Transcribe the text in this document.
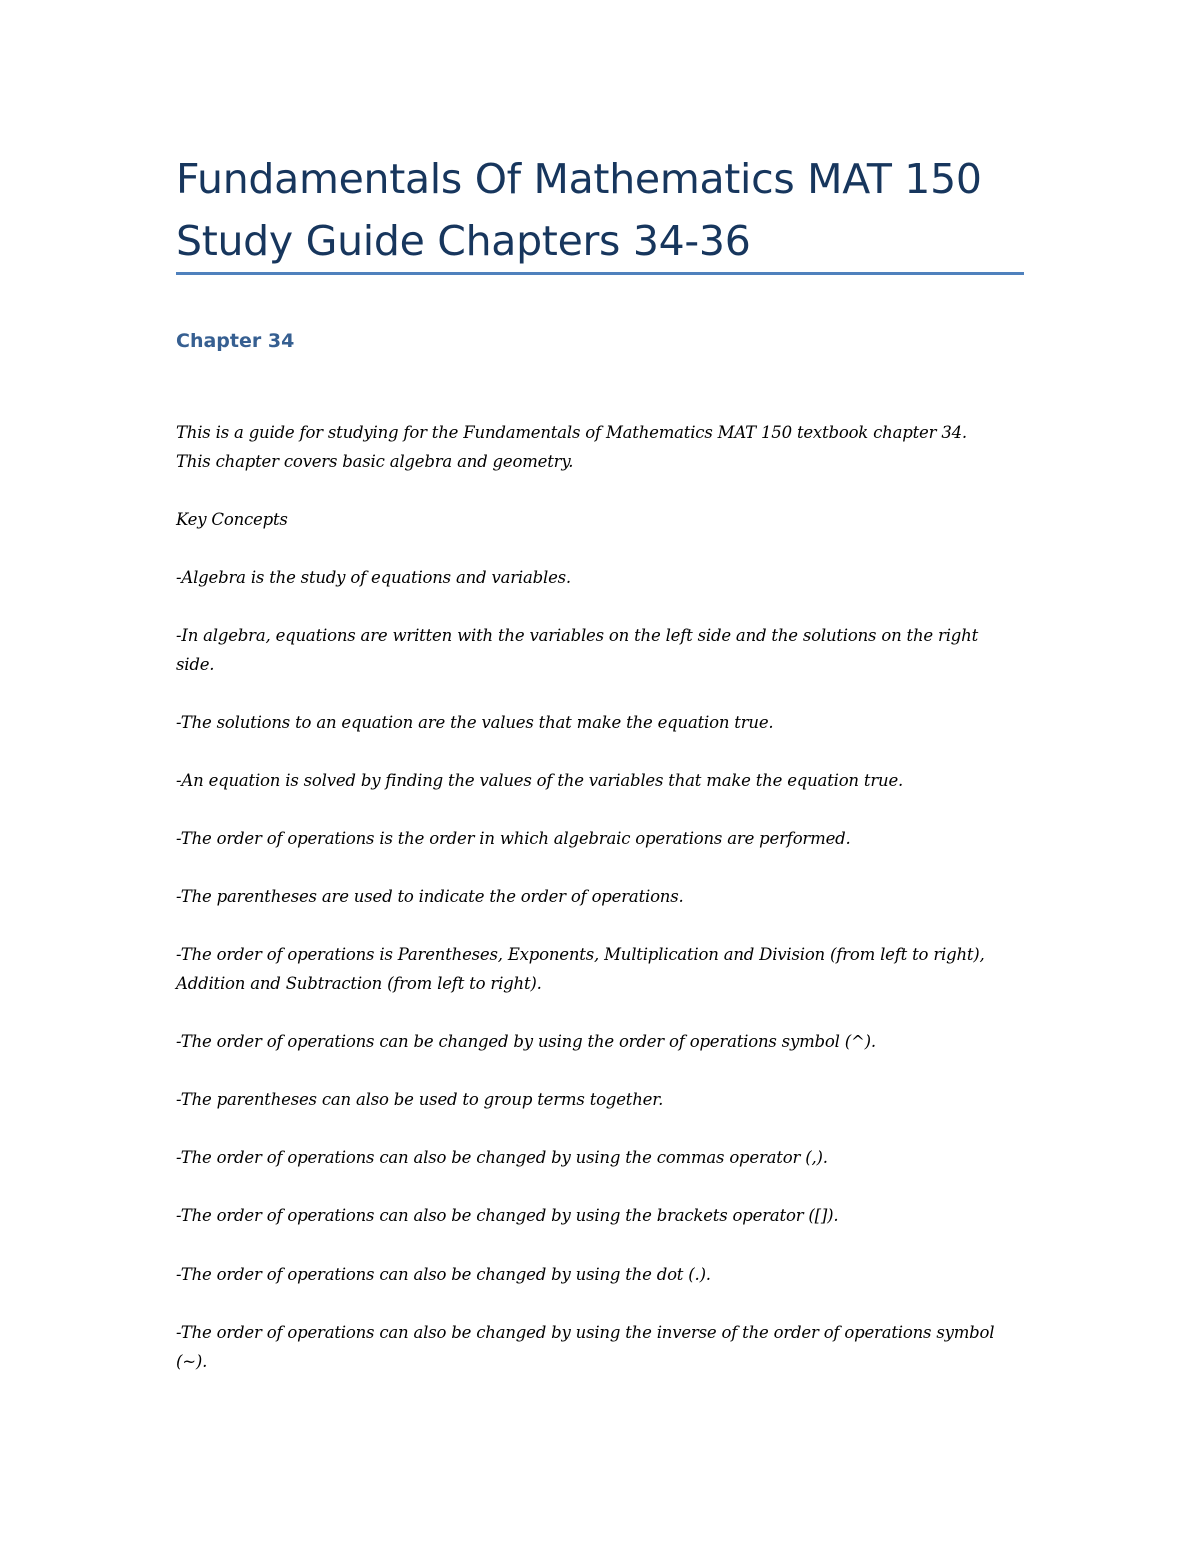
Fundamentals Of Mathematics MAT 150 Study Guide Chapters 34-36
Chapter 34

This is a guide for studying for the Fundamentals of Mathematics MAT 150 textbook chapter 34. This chapter covers basic algebra and geometry.

Key Concepts

-Algebra is the study of equations and variables.

-In algebra, equations are written with the variables on the left side and the solutions on the right side.

-The solutions to an equation are the values that make the equation true.

-An equation is solved by finding the values of the variables that make the equation true.

-The order of operations is the order in which algebraic operations are performed.

-The parentheses are used to indicate the order of operations.

-The order of operations is Parentheses, Exponents, Multiplication and Division (from left to right), Addition and Subtraction (from left to right).

-The order of operations can be changed by using the order of operations symbol (^).

-The parentheses can also be used to group terms together.

-The order of operations can also be changed by using the commas operator (,).

-The order of operations can also be changed by using the brackets operator ([]).

-The order of operations can also be changed by using the dot (.).

-The order of operations can also be changed by using the inverse of the order of operations symbol (~).
